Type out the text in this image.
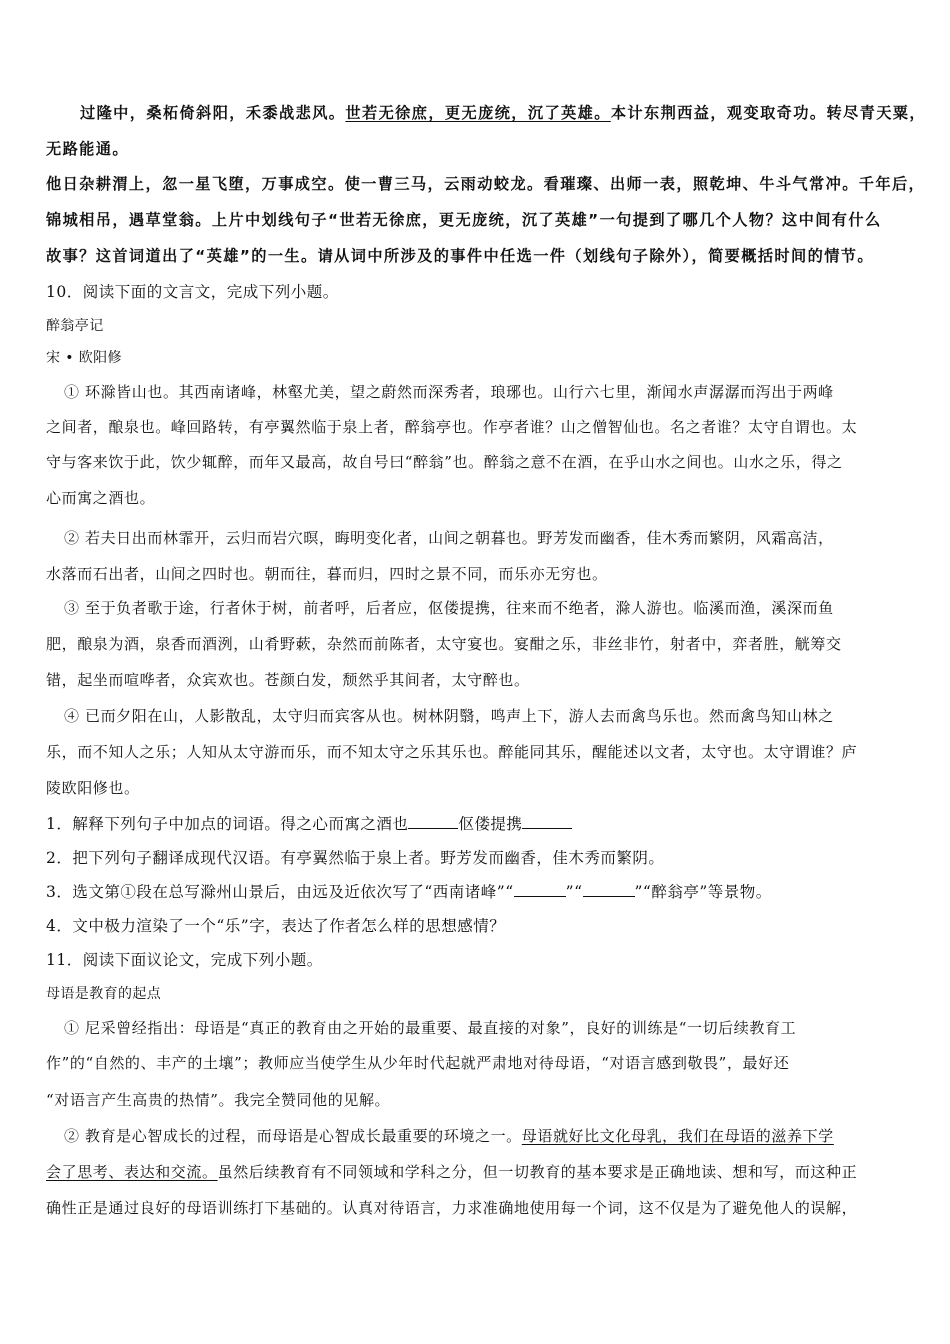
过隆中，桑柘倚斜阳，禾黍战悲风。世若无徐庶，更无庞统，沉了英雄。本计东荆西益，观变取奇功。转尽青天粟，
无路能通。
他日杂耕渭上，忽一星飞堕，万事成空。使一曹三马，云雨动蛟龙。看璀璨、出师一表，照乾坤、牛斗气常冲。千年后，
锦城相吊，遇草堂翁。上片中划线句子“世若无徐庶，更无庞统，沉了英雄”一句提到了哪几个人物？这中间有什么
故事？这首词道出了“英雄”的一生。请从词中所涉及的事件中任选一件（划线句子除外），简要概括时间的情节。
10．阅读下面的文言文，完成下列小题。
醉翁亭记
宋 • 欧阳修
① 环滁皆山也。其西南诸峰，林壑尤美，望之蔚然而深秀者，琅琊也。山行六七里，渐闻水声潺潺而泻出于两峰
之间者，酿泉也。峰回路转，有亭翼然临于泉上者，醉翁亭也。作亭者谁？山之僧智仙也。名之者谁？太守自谓也。太
守与客来饮于此，饮少辄醉，而年又最高，故自号曰“醉翁”也。醉翁之意不在酒，在乎山水之间也。山水之乐，得之
心而寓之酒也。
② 若夫日出而林霏开，云归而岩穴暝，晦明变化者，山间之朝暮也。野芳发而幽香，佳木秀而繁阴，风霜高洁，
水落而石出者，山间之四时也。朝而往，暮而归，四时之景不同，而乐亦无穷也。
③ 至于负者歌于途，行者休于树，前者呼，后者应，伛偻提携，往来而不绝者，滁人游也。临溪而渔，溪深而鱼
肥，酿泉为酒，泉香而酒洌，山肴野蔌，杂然而前陈者，太守宴也。宴酣之乐，非丝非竹，射者中，弈者胜，觥筹交
错，起坐而喧哗者，众宾欢也。苍颜白发，颓然乎其间者，太守醉也。
④ 已而夕阳在山，人影散乱，太守归而宾客从也。树林阴翳，鸣声上下，游人去而禽鸟乐也。然而禽鸟知山林之
乐，而不知人之乐；人知从太守游而乐，而不知太守之乐其乐也。醉能同其乐，醒能述以文者，太守也。太守谓谁？庐
陵欧阳修也。
1．解释下列句子中加点的词语。得之心而寓之酒也	伛偻提携
2．把下列句子翻译成现代汉语。有亭翼然临于泉上者。野芳发而幽香，佳木秀而繁阴。
3．选文第①段在总写滁州山景后，由远及近依次写了“西南诸峰”“	”“	”“醉翁亭”等景物。
4．文中极力渲染了一个“乐”字，表达了作者怎么样的思想感情？
11．阅读下面议论文，完成下列小题。
母语是教育的起点
① 尼采曾经指出：母语是“真正的教育由之开始的最重要、最直接的对象”，良好的训练是“一切后续教育工
作”的“自然的、丰产的土壤”；教师应当使学生从少年时代起就严肃地对待母语，“对语言感到敬畏”，最好还
“对语言产生高贵的热情”。我完全赞同他的见解。
② 教育是心智成长的过程，而母语是心智成长最重要的环境之一。母语就好比文化母乳，我们在母语的滋养下学
会了思考、表达和交流。虽然后续教育有不同领域和学科之分，但一切教育的基本要求是正确地读、想和写，而这种正
确性正是通过良好的母语训练打下基础的。认真对待语言，力求准确地使用每一个词，这不仅是为了避免他人的误解，
